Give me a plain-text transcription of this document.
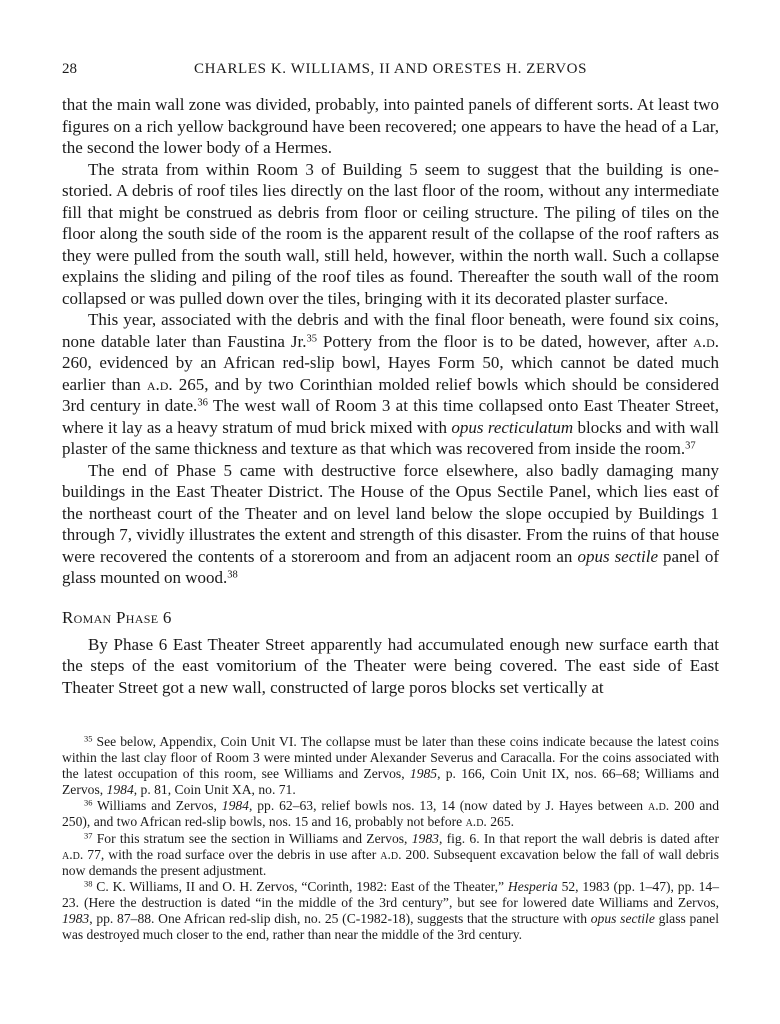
28	CHARLES K. WILLIAMS, II AND ORESTES H. ZERVOS

that the main wall zone was divided, probably, into painted panels of different sorts. At least two figures on a rich yellow background have been recovered; one appears to have the head of a Lar, the second the lower body of a Hermes.

The strata from within Room 3 of Building 5 seem to suggest that the building is one-storied. A debris of roof tiles lies directly on the last floor of the room, without any intermediate fill that might be construed as debris from floor or ceiling structure. The piling of tiles on the floor along the south side of the room is the apparent result of the collapse of the roof rafters as they were pulled from the south wall, still held, however, within the north wall. Such a collapse explains the sliding and piling of the roof tiles as found. Thereafter the south wall of the room collapsed or was pulled down over the tiles, bringing with it its decorated plaster surface.

This year, associated with the debris and with the final floor beneath, were found six coins, none datable later than Faustina Jr.$^{35}$ Pottery from the floor is to be dated, however, after a.d. 260, evidenced by an African red-slip bowl, Hayes Form 50, which cannot be dated much earlier than a.d. 265, and by two Corinthian molded relief bowls which should be considered 3rd century in date.$^{36}$ The west wall of Room 3 at this time collapsed onto East Theater Street, where it lay as a heavy stratum of mud brick mixed with opus recticulatum blocks and with wall plaster of the same thickness and texture as that which was recovered from inside the room.$^{37}$

The end of Phase 5 came with destructive force elsewhere, also badly damaging many buildings in the East Theater District. The House of the Opus Sectile Panel, which lies east of the northeast court of the Theater and on level land below the slope occupied by Buildings 1 through 7, vividly illustrates the extent and strength of this disaster. From the ruins of that house were recovered the contents of a storeroom and from an adjacent room an opus sectile panel of glass mounted on wood.$^{38}$

Roman Phase 6

By Phase 6 East Theater Street apparently had accumulated enough new surface earth that the steps of the east vomitorium of the Theater were being covered. The east side of East Theater Street got a new wall, constructed of large poros blocks set vertically at

$^{35}$ See below, Appendix, Coin Unit VI. The collapse must be later than these coins indicate because the latest coins within the last clay floor of Room 3 were minted under Alexander Severus and Caracalla. For the coins associated with the latest occupation of this room, see Williams and Zervos, 1985, p. 166, Coin Unit IX, nos. 66–68; Williams and Zervos, 1984, p. 81, Coin Unit XA, no. 71.

$^{36}$ Williams and Zervos, 1984, pp. 62–63, relief bowls nos. 13, 14 (now dated by J. Hayes between a.d. 200 and 250), and two African red-slip bowls, nos. 15 and 16, probably not before a.d. 265.

$^{37}$ For this stratum see the section in Williams and Zervos, 1983, fig. 6. In that report the wall debris is dated after a.d. 77, with the road surface over the debris in use after a.d. 200. Subsequent excavation below the fall of wall debris now demands the present adjustment.

$^{38}$ C. K. Williams, II and O. H. Zervos, “Corinth, 1982: East of the Theater,” Hesperia 52, 1983 (pp. 1–47), pp. 14–23. (Here the destruction is dated “in the middle of the 3rd century”, but see for lowered date Williams and Zervos, 1983, pp. 87–88. One African red-slip dish, no. 25 (C-1982-18), suggests that the structure with opus sectile glass panel was destroyed much closer to the end, rather than near the middle of the 3rd century.
